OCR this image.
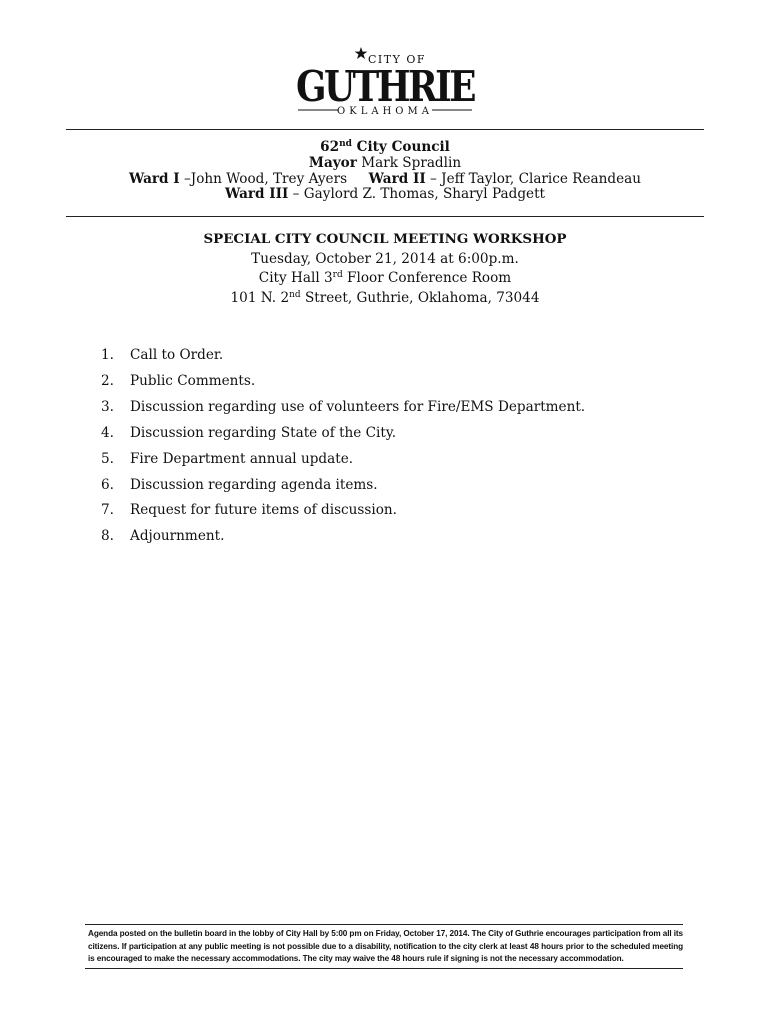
CITY OF
GUTHRIE
OKLAHOMA
62nd City Council
Mayor Mark Spradlin
Ward I –John Wood, Trey Ayers Ward II – Jeff Taylor, Clarice Reandeau
Ward III – Gaylord Z. Thomas, Sharyl Padgett
SPECIAL CITY COUNCIL MEETING WORKSHOP
Tuesday, October 21, 2014 at 6:00p.m.
City Hall 3rd Floor Conference Room
101 N. 2nd Street, Guthrie, Oklahoma, 73044
1.	Call to Order.
2.	Public Comments.
3.	Discussion regarding use of volunteers for Fire/EMS Department.
4.	Discussion regarding State of the City.
5.	Fire Department annual update.
6.	Discussion regarding agenda items.
7.	Request for future items of discussion.
8.	Adjournment.
Agenda posted on the bulletin board in the lobby of City Hall by 5:00 pm on Friday, October 17, 2014. The City of Guthrie encourages participation from all its citizens. If participation at any public meeting is not possible due to a disability, notification to the city clerk at least 48 hours prior to the scheduled meeting is encouraged to make the necessary accommodations. The city may waive the 48 hours rule if signing is not the necessary accommodation.
